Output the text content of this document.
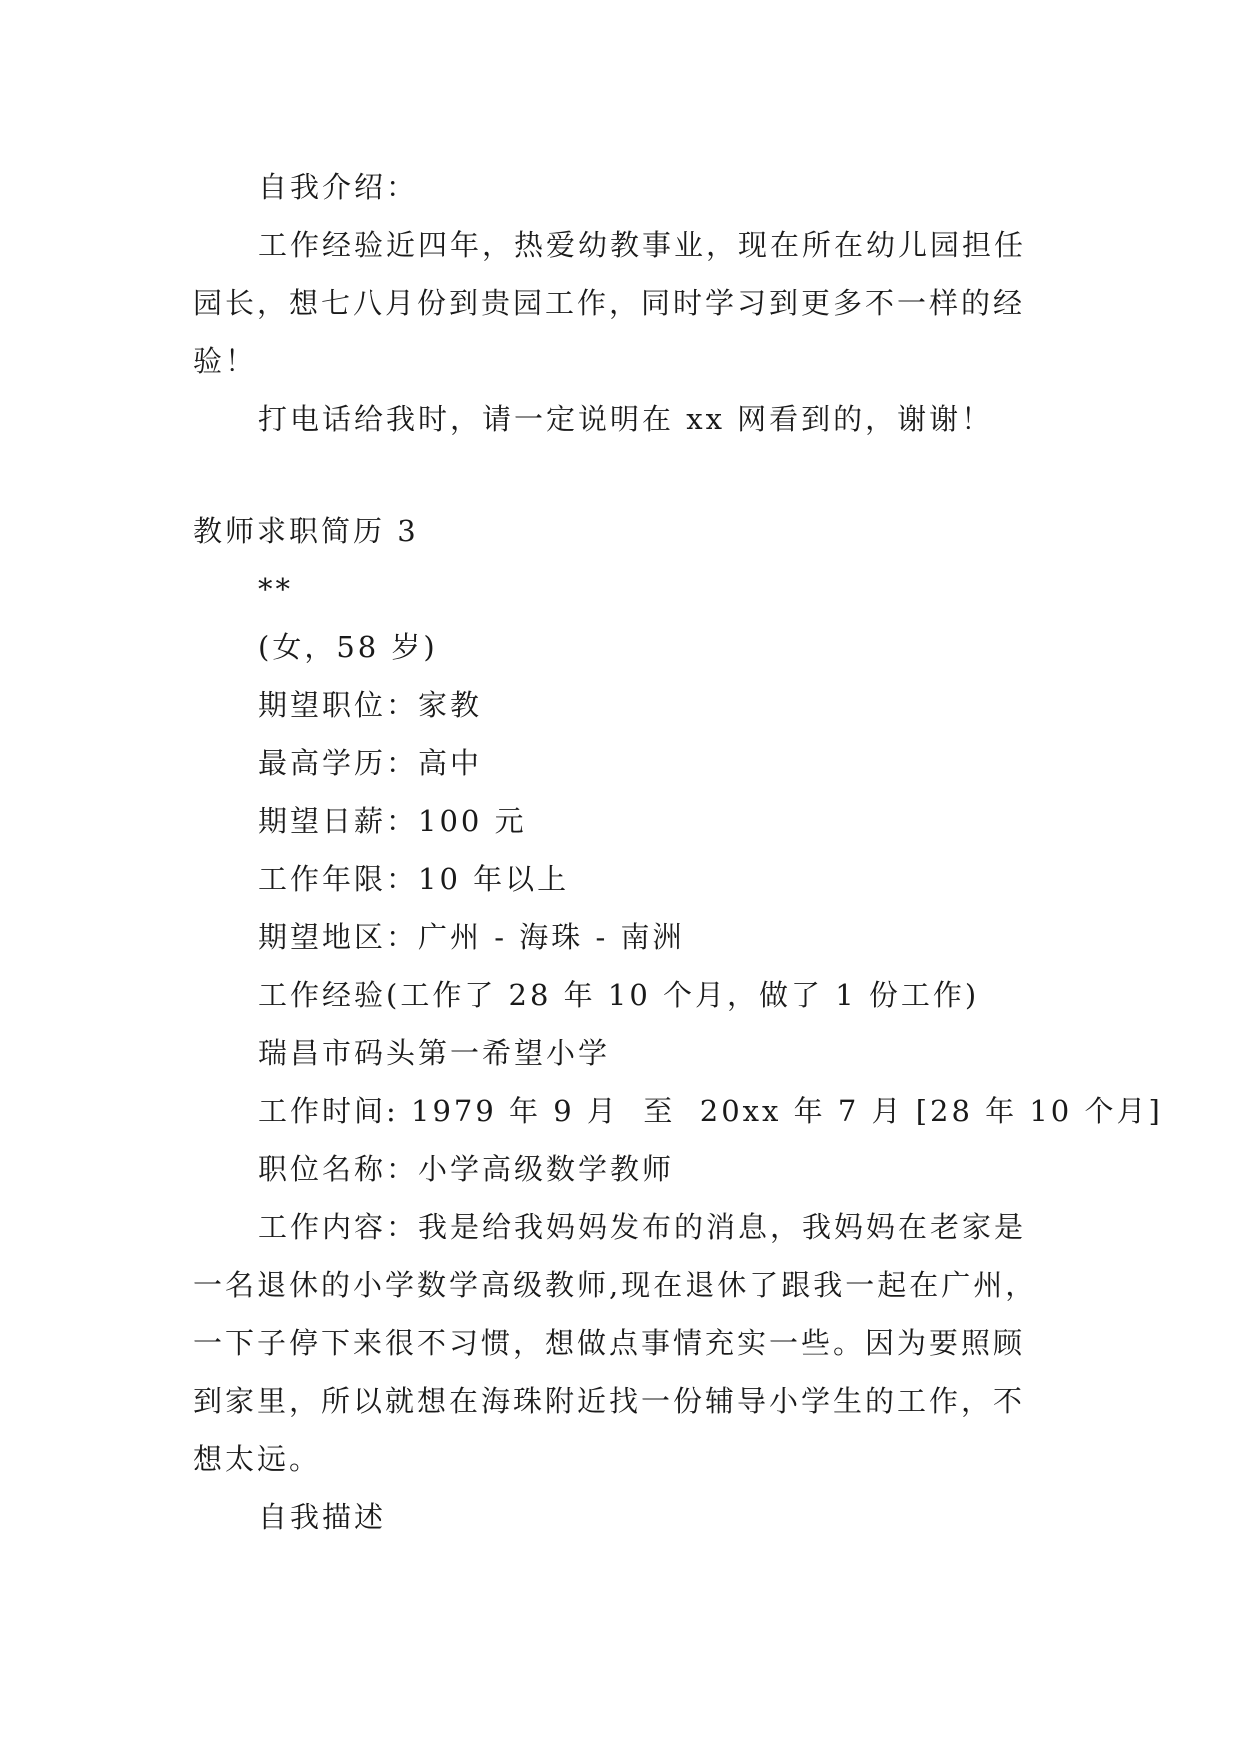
自我介绍：

工作经验近四年，热爱幼教事业，现在所在幼儿园担任园长，想七八月份到贵园工作，同时学习到更多不一样的经验！

打电话给我时，请一定说明在 xx 网看到的，谢谢！

教师求职简历 3

**

(女，58 岁)

期望职位：家教

最高学历：高中

期望日薪：100 元

工作年限：10 年以上

期望地区：广州 - 海珠 - 南洲

工作经验(工作了 28 年 10 个月，做了 1 份工作)

瑞昌市码头第一希望小学

工作时间: 1979 年 9 月  至  20xx 年 7 月 [28 年 10 个月]

职位名称：小学高级数学教师

工作内容：我是给我妈妈发布的消息，我妈妈在老家是一名退休的小学数学高级教师,现在退休了跟我一起在广州，一下子停下来很不习惯，想做点事情充实一些。因为要照顾到家里，所以就想在海珠附近找一份辅导小学生的工作，不想太远。

自我描述
